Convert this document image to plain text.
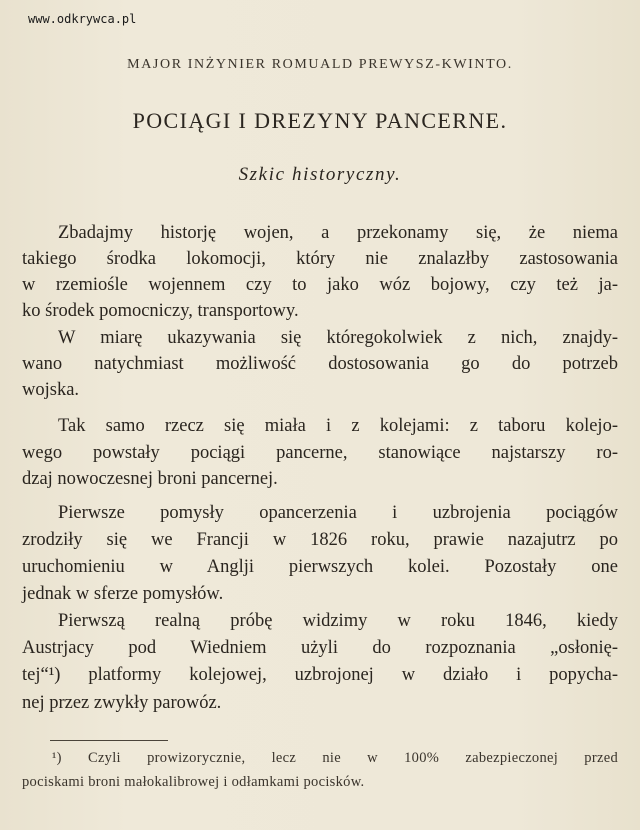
www.odkrywca.pl
MAJOR INŻYNIER ROMUALD PREWYSZ-KWINTO.
POCIĄGI I DREZYNY PANCERNE.
Szkic historyczny.
Zbadajmy historję wojen, a przekonamy się, że niema
takiego środka lokomocji, który nie znalazłby zastosowania
w rzemiośle wojennem czy to jako wóz bojowy, czy też ja-
ko środek pomocniczy, transportowy.
W miarę ukazywania się któregokolwiek z nich, znajdy-
wano natychmiast możliwość dostosowania go do potrzeb
wojska.
Tak samo rzecz się miała i z kolejami: z taboru kolejo-
wego powstały pociągi pancerne, stanowiące najstarszy ro-
dzaj nowoczesnej broni pancernej.
Pierwsze pomysły opancerzenia i uzbrojenia pociągów
zrodziły się we Francji w 1826 roku, prawie nazajutrz po
uruchomieniu w Anglji pierwszych kolei. Pozostały one
jednak w sferze pomysłów.
Pierwszą realną próbę widzimy w roku 1846, kiedy
Austrjacy pod Wiedniem użyli do rozpoznania „osłonię-
tej“¹) platformy kolejowej, uzbrojonej w działo i popycha-
nej przez zwykły parowóz.
¹) Czyli prowizorycznie, lecz nie w 100% zabezpieczonej przed
pociskami broni małokalibrowej i odłamkami pocisków.
